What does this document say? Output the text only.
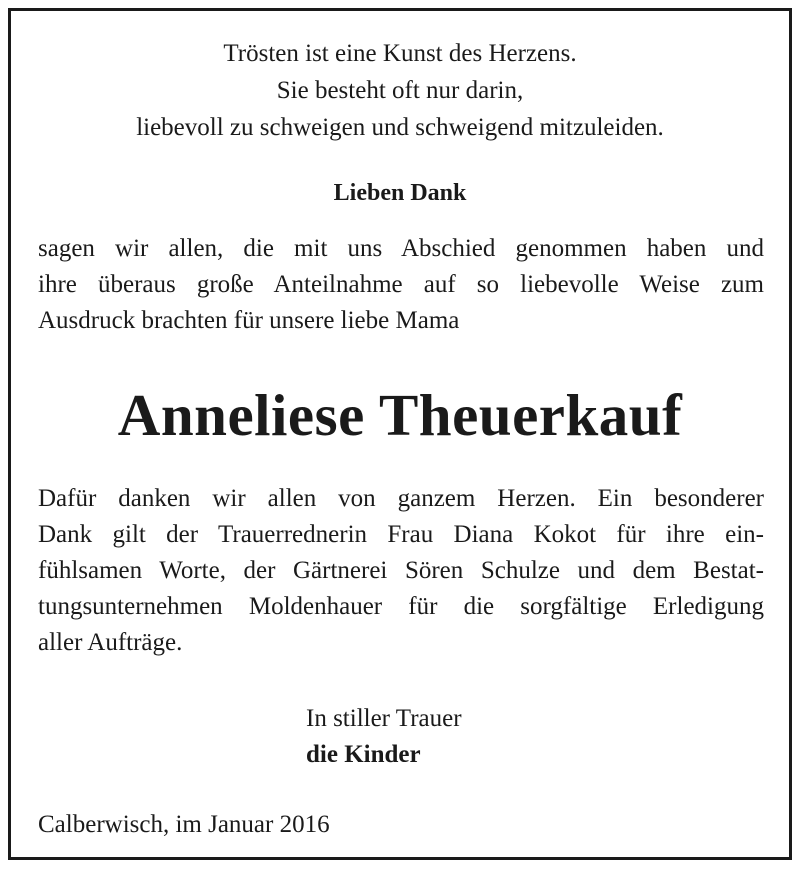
Trösten ist eine Kunst des Herzens.
Sie besteht oft nur darin,
liebevoll zu schweigen und schweigend mitzuleiden.
Lieben Dank
sagen wir allen, die mit uns Abschied genommen haben und
ihre überaus große Anteilnahme auf so liebevolle Weise zum
Ausdruck brachten für unsere liebe Mama
Anneliese Theuerkauf
Dafür danken wir allen von ganzem Herzen. Ein besonderer
Dank gilt der Trauerrednerin Frau Diana Kokot für ihre ein-
fühlsamen Worte, der Gärtnerei Sören Schulze und dem Bestat-
tungsunternehmen Moldenhauer für die sorgfältige Erledigung
aller Aufträge.
In stiller Trauer
die Kinder
Calberwisch, im Januar 2016
